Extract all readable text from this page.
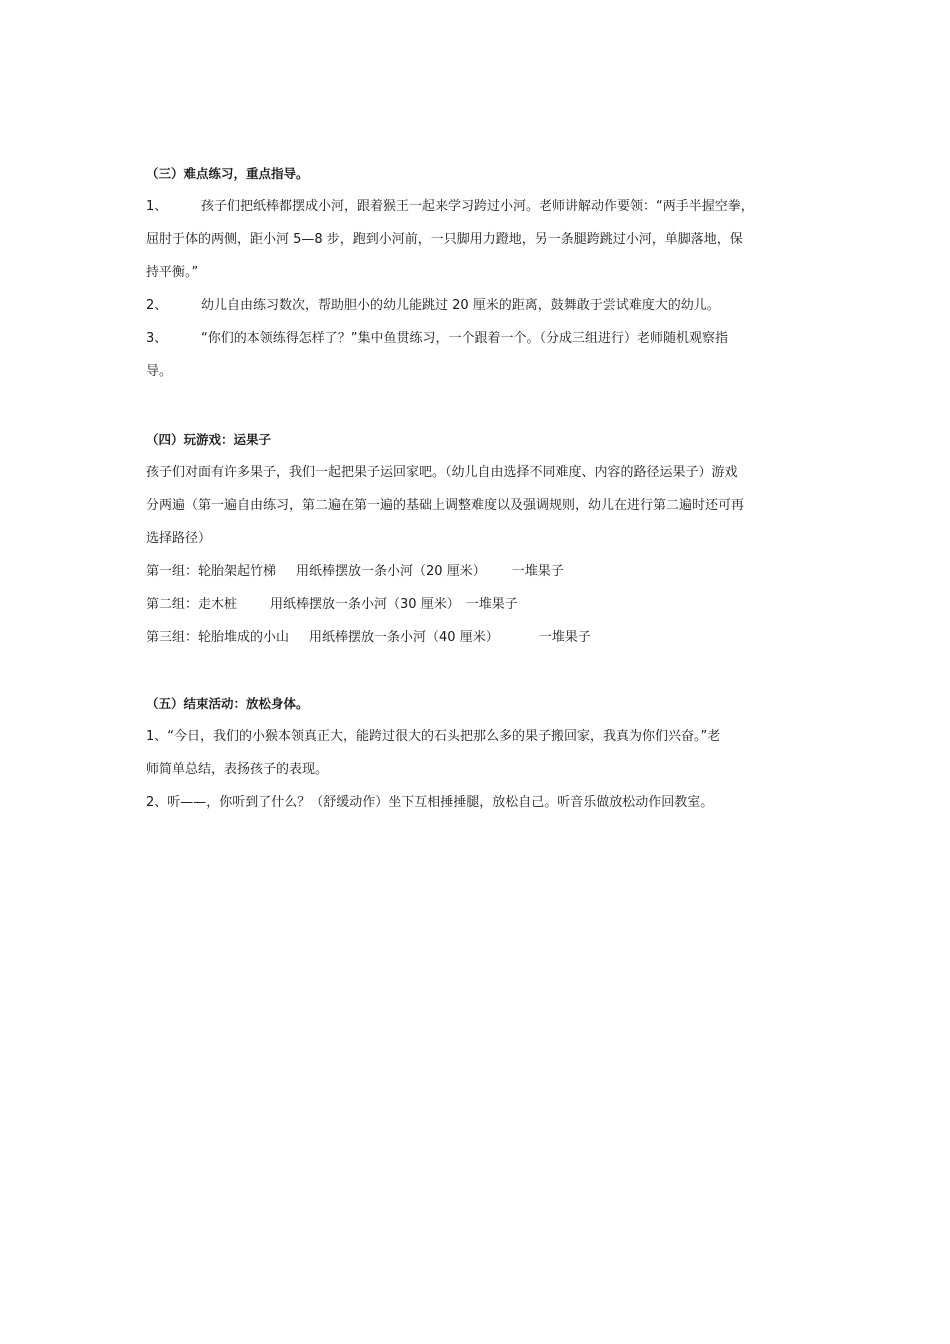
（三）难点练习，重点指导。
1、	孩子们把纸棒都摆成小河，跟着猴王一起来学习跨过小河。老师讲解动作要领：“两手半握空拳，
屈肘于体的两侧，距小河 5—8 步，跑到小河前，一只脚用力蹬地，另一条腿跨跳过小河，单脚落地，保
持平衡。”
2、	幼儿自由练习数次，帮助胆小的幼儿能跳过 20 厘米的距离，鼓舞敢于尝试难度大的幼儿。
3、	“你们的本领练得怎样了？”集中鱼贯练习，一个跟着一个。（分成三组进行）老师随机观察指
导。
（四）玩游戏：运果子
孩子们对面有许多果子，我们一起把果子运回家吧。（幼儿自由选择不同难度、内容的路径运果子）游戏
分两遍（第一遍自由练习，第二遍在第一遍的基础上调整难度以及强调规则，幼儿在进行第二遍时还可再
选择路径）
第一组：轮胎架起竹梯 用纸棒摆放一条小河（20 厘米） 一堆果子
第二组：走木桩	用纸棒摆放一条小河（30 厘米） 一堆果子
第三组：轮胎堆成的小山 用纸棒摆放一条小河（40 厘米）	一堆果子
（五）结束活动：放松身体。
1、“今日，我们的小猴本领真正大，能跨过很大的石头把那么多的果子搬回家，我真为你们兴奋。”老
师简单总结，表扬孩子的表现。
2、听——，你听到了什么？（舒缓动作）坐下互相捶捶腿，放松自己。听音乐做放松动作回教室。
